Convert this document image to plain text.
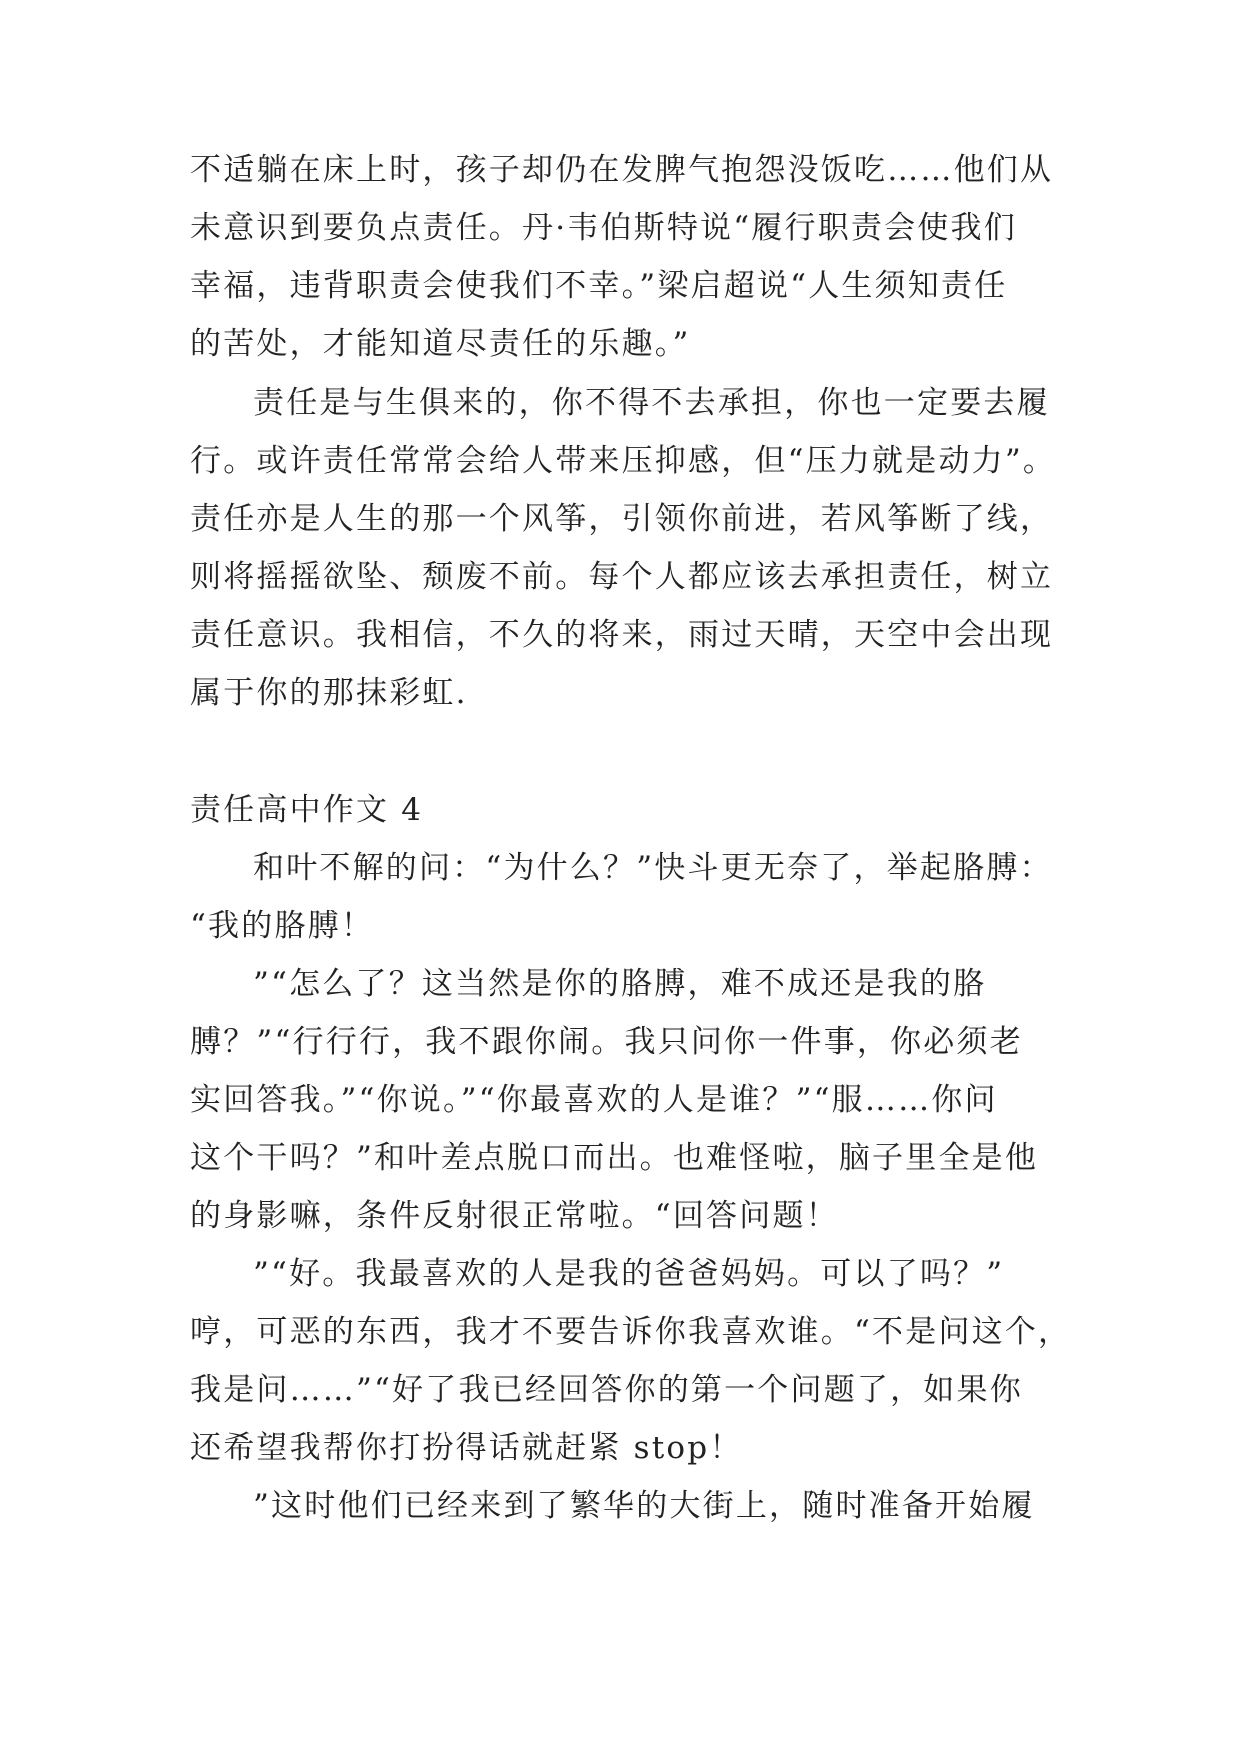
不适躺在床上时，孩子却仍在发脾气抱怨没饭吃……他们从
未意识到要负点责任。丹·韦伯斯特说“履行职责会使我们
幸福，违背职责会使我们不幸。”梁启超说“人生须知责任
的苦处，才能知道尽责任的乐趣。”
责任是与生俱来的，你不得不去承担，你也一定要去履
行。或许责任常常会给人带来压抑感，但“压力就是动力”。
责任亦是人生的那一个风筝，引领你前进，若风筝断了线，
则将摇摇欲坠、颓废不前。每个人都应该去承担责任，树立
责任意识。我相信，不久的将来，雨过天晴，天空中会出现
属于你的那抹彩虹.
责任高中作文 4
和叶不解的问：“为什么？”快斗更无奈了，举起胳膊：
“我的胳膊！
”“怎么了？这当然是你的胳膊，难不成还是我的胳
膊？”“行行行，我不跟你闹。我只问你一件事，你必须老
实回答我。”“你说。”“你最喜欢的人是谁？”“服……你问
这个干吗？”和叶差点脱口而出。也难怪啦，脑子里全是他
的身影嘛，条件反射很正常啦。“回答问题！
”“好。我最喜欢的人是我的爸爸妈妈。可以了吗？”
哼，可恶的东西，我才不要告诉你我喜欢谁。“不是问这个，
我是问……”“好了我已经回答你的第一个问题了，如果你
还希望我帮你打扮得话就赶紧 stop！
”这时他们已经来到了繁华的大街上，随时准备开始履
